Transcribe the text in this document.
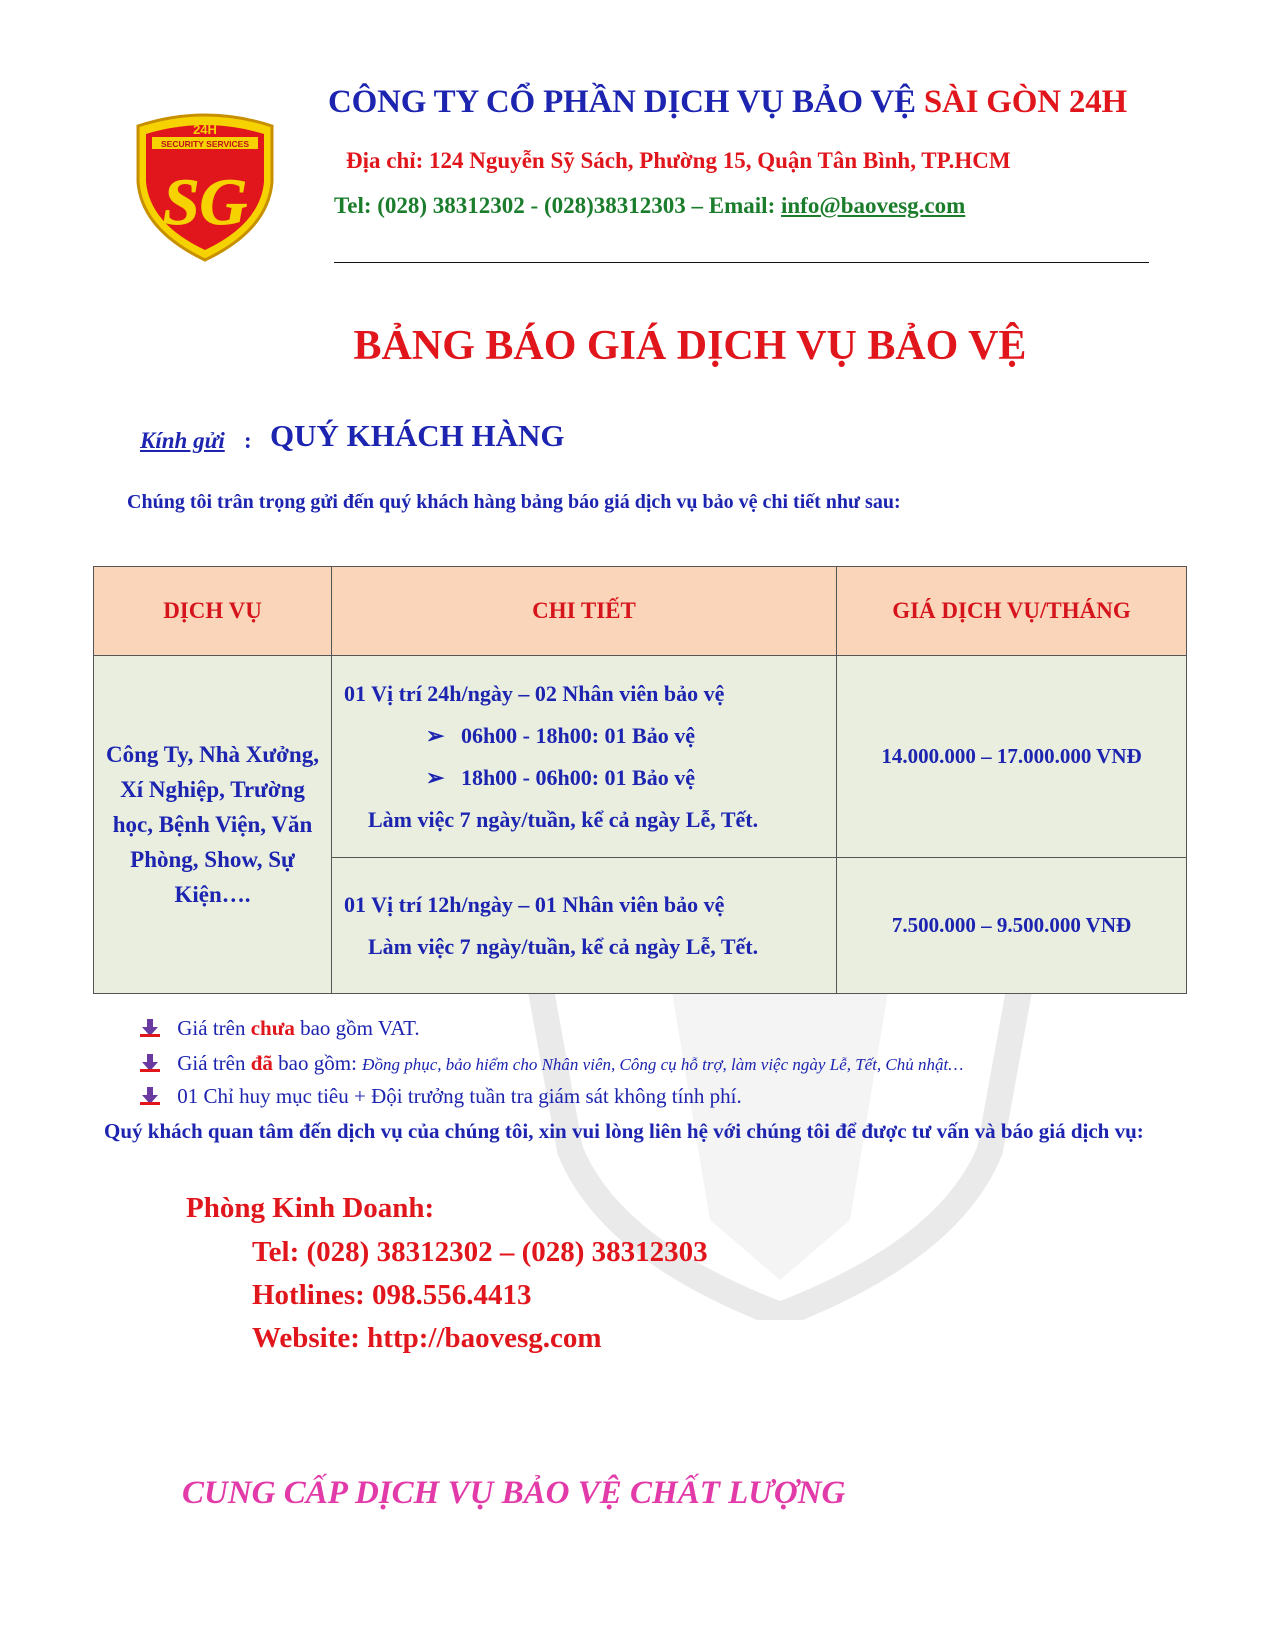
24H
SECURITY SERVICES
SG
CÔNG TY CỔ PHẦN DỊCH VỤ BẢO VỆ SÀI GÒN 24H
Địa chỉ: 124 Nguyễn Sỹ Sách, Phường 15, Quận Tân Bình, TP.HCM
Tel: (028) 38312302 - (028)38312303 – Email: info@baovesg.com
BẢNG BÁO GIÁ DỊCH VỤ BẢO VỆ
Kính gửi : QUÝ KHÁCH HÀNG
Chúng tôi trân trọng gửi đến quý khách hàng bảng báo giá dịch vụ bảo vệ chi tiết như sau:
DỊCH VỤ	CHI TIẾT	GIÁ DỊCH VỤ/THÁNG
Công Ty, Nhà Xưởng, Xí Nghiệp, Trường học, Bệnh Viện, Văn Phòng, Show, Sự Kiện….	01 Vị trí 24h/ngày – 02 Nhân viên bảo vệ
➢   06h00 - 18h00: 01 Bảo vệ
➢   18h00 - 06h00: 01 Bảo vệ
Làm việc 7 ngày/tuần, kể cả ngày Lễ, Tết.	14.000.000 – 17.000.000 VNĐ

	01 Vị trí 12h/ngày – 01 Nhân viên bảo vệ
Làm việc 7 ngày/tuần, kể cả ngày Lễ, Tết.	7.500.000 – 9.500.000 VNĐ
Giá trên chưa bao gồm VAT.
Giá trên đã bao gồm: Đồng phục, bảo hiểm cho Nhân viên, Công cụ hỗ trợ, làm việc ngày Lễ, Tết, Chủ nhật…
01 Chỉ huy mục tiêu + Đội trưởng tuần tra giám sát không tính phí.
Quý khách quan tâm đến dịch vụ của chúng tôi, xin vui lòng liên hệ với chúng tôi để được tư vấn và báo giá dịch vụ:
Phòng Kinh Doanh:
Tel: (028) 38312302 – (028) 38312303
Hotlines: 098.556.4413
Website: http://baovesg.com
CUNG CẤP DỊCH VỤ BẢO VỆ CHẤT LƯỢNG
